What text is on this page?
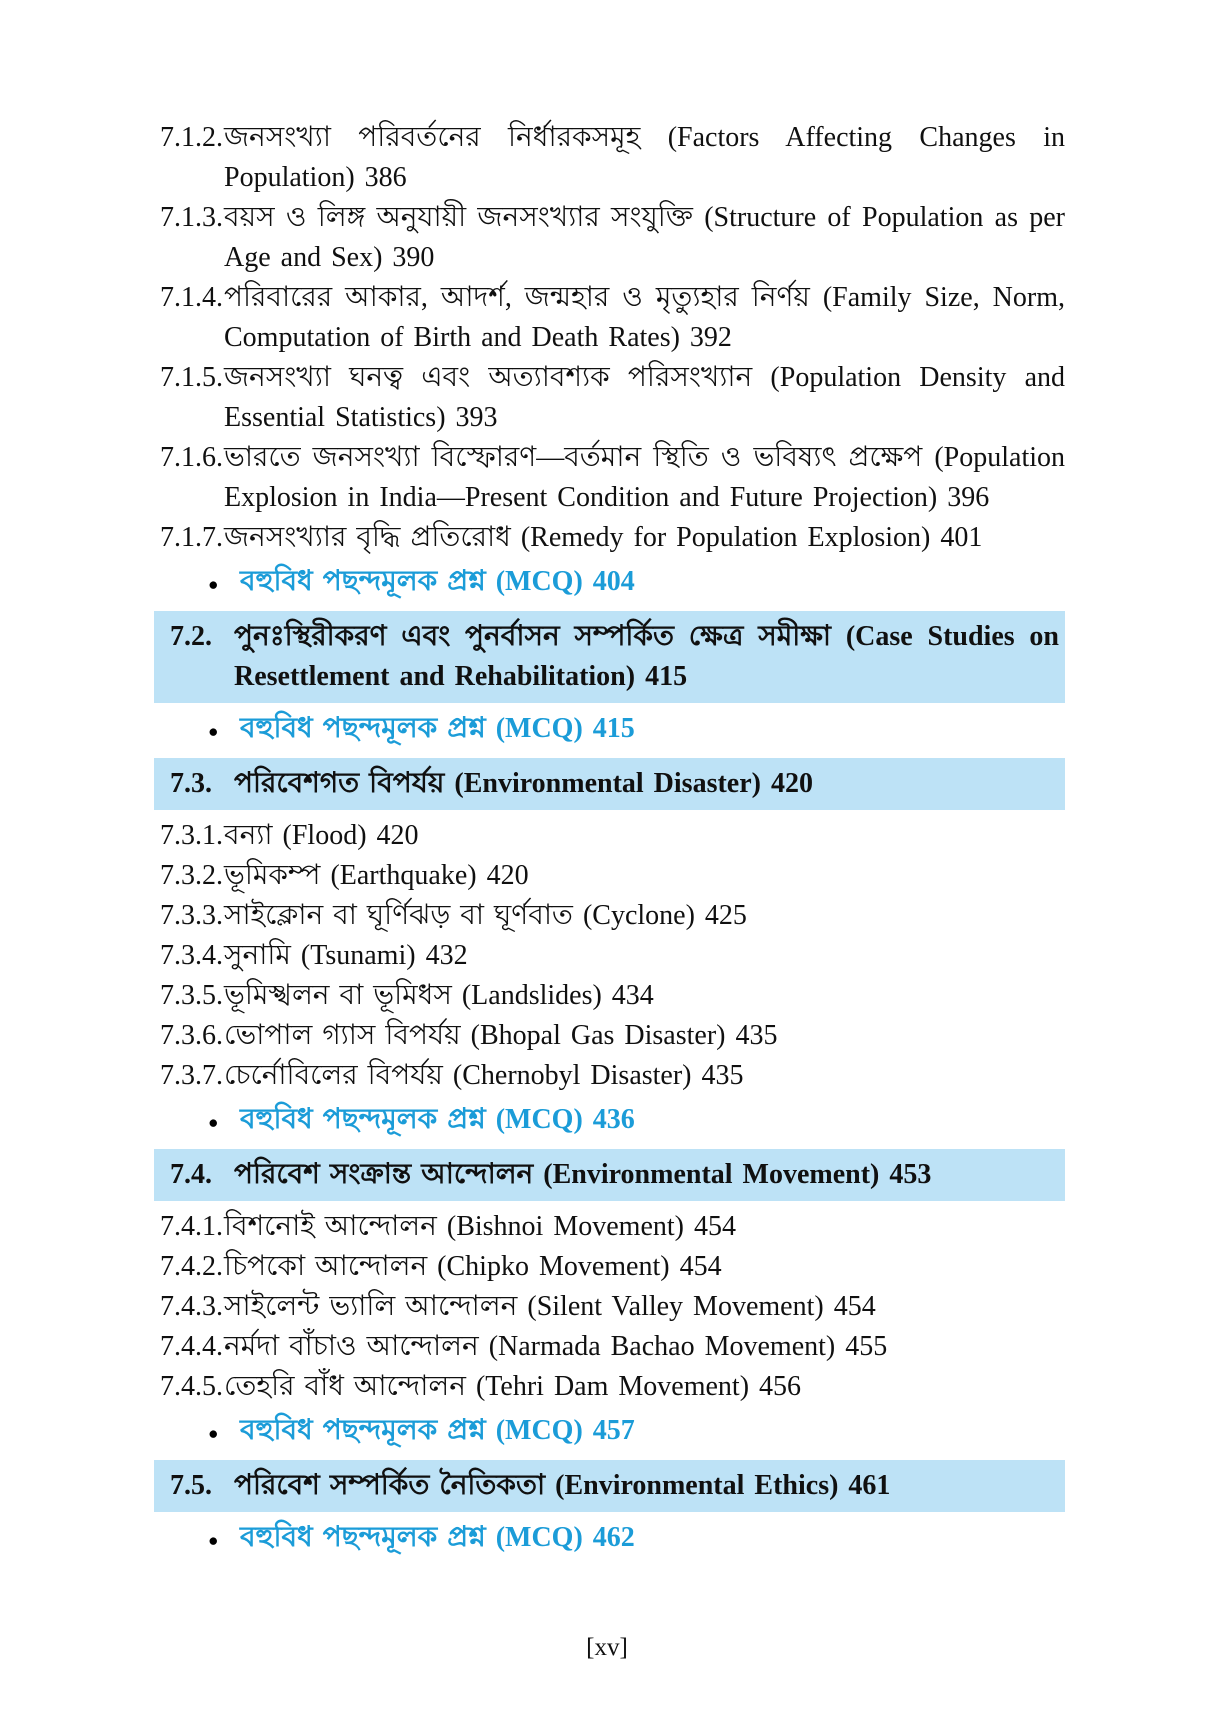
7.1.2. জনসংখ্যা পরিবর্তনের নির্ধারকসমূহ (Factors Affecting Changes in Population) 386
7.1.3. বয়স ও লিঙ্গ অনুযায়ী জনসংখ্যার সংযুক্তি (Structure of Population as per Age and Sex) 390
7.1.4. পরিবারের আকার, আদর্শ, জন্মহার ও মৃত্যুহার নির্ণয় (Family Size, Norm, Computation of Birth and Death Rates) 392
7.1.5. জনসংখ্যা ঘনত্ব এবং অত্যাবশ্যক পরিসংখ্যান (Population Density and Essential Statistics) 393
7.1.6. ভারতে জনসংখ্যা বিস্ফোরণ—বর্তমান স্থিতি ও ভবিষ্যৎ প্রক্ষেপ (Population Explosion in India—Present Condition and Future Projection) 396
7.1.7. জনসংখ্যার বৃদ্ধি প্রতিরোধ (Remedy for Population Explosion) 401
● বহুবিধ পছন্দমূলক প্রশ্ন (MCQ) 404
7.2. পুনঃস্থিরীকরণ এবং পুনর্বাসন সম্পর্কিত ক্ষেত্র সমীক্ষা (Case Studies on Resettlement and Rehabilitation) 415
● বহুবিধ পছন্দমূলক প্রশ্ন (MCQ) 415
7.3. পরিবেশগত বিপর্যয় (Environmental Disaster) 420
7.3.1. বন্যা (Flood) 420
7.3.2. ভূমিকম্প (Earthquake) 420
7.3.3. সাইক্লোন বা ঘূর্ণিঝড় বা ঘূর্ণবাত (Cyclone) 425
7.3.4. সুনামি (Tsunami) 432
7.3.5. ভূমিস্খলন বা ভূমিধস (Landslides) 434
7.3.6. ভোপাল গ্যাস বিপর্যয় (Bhopal Gas Disaster) 435
7.3.7. চের্নোবিলের বিপর্যয় (Chernobyl Disaster) 435
● বহুবিধ পছন্দমূলক প্রশ্ন (MCQ) 436
7.4. পরিবেশ সংক্রান্ত আন্দোলন (Environmental Movement) 453
7.4.1. বিশনোই আন্দোলন (Bishnoi Movement) 454
7.4.2. চিপকো আন্দোলন (Chipko Movement) 454
7.4.3. সাইলেন্ট ভ্যালি আন্দোলন (Silent Valley Movement) 454
7.4.4. নর্মদা বাঁচাও আন্দোলন (Narmada Bachao Movement) 455
7.4.5. তেহরি বাঁধ আন্দোলন (Tehri Dam Movement) 456
● বহুবিধ পছন্দমূলক প্রশ্ন (MCQ) 457
7.5. পরিবেশ সম্পর্কিত নৈতিকতা (Environmental Ethics) 461
● বহুবিধ পছন্দমূলক প্রশ্ন (MCQ) 462
[xv]
